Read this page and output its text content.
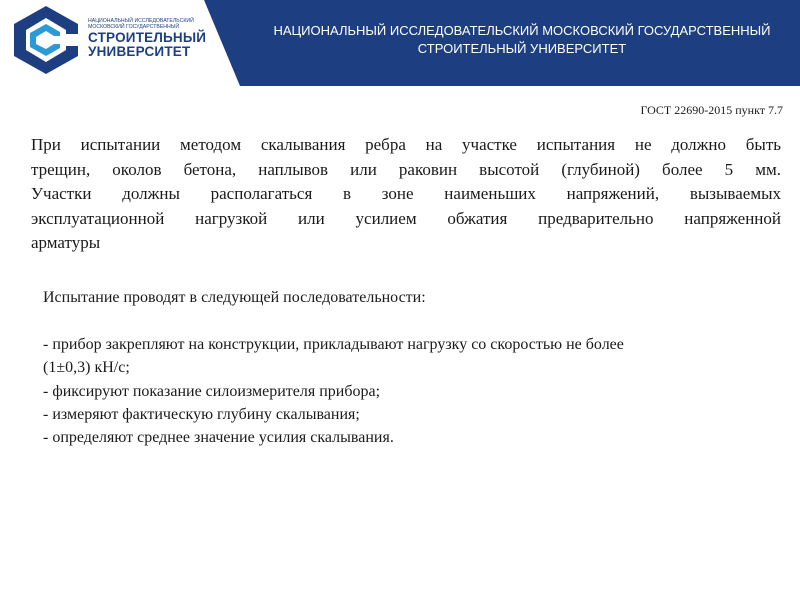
НАЦИОНАЛЬНЫЙ ИССЛЕДОВАТЕЛЬСКИЙ
МОСКОВСКИЙ ГОСУДАРСТВЕННЫЙ
СТРОИТЕЛЬНЫЙ
УНИВЕРСИТЕТ
НАЦИОНАЛЬНЫЙ ИССЛЕДОВАТЕЛЬСКИЙ МОСКОВСКИЙ ГОСУДАРСТВЕННЫЙ
СТРОИТЕЛЬНЫЙ УНИВЕРСИТЕТ
ГОСТ 22690-2015 пункт 7.7
При испытании методом скалывания ребра на участке испытания не должно быть
трещин, околов бетона, наплывов или раковин высотой (глубиной) более 5 мм.
Участки должны располагаться в зоне наименьших напряжений, вызываемых
эксплуатационной нагрузкой или усилием обжатия предварительно напряженной
арматуры
Испытание проводят в следующей последовательности:
- прибор закрепляют на конструкции, прикладывают нагрузку со скоростью не более
(1±0,3) кН/с;
- фиксируют показание силоизмерителя прибора;
- измеряют фактическую глубину скалывания;
- определяют среднее значение усилия скалывания.
